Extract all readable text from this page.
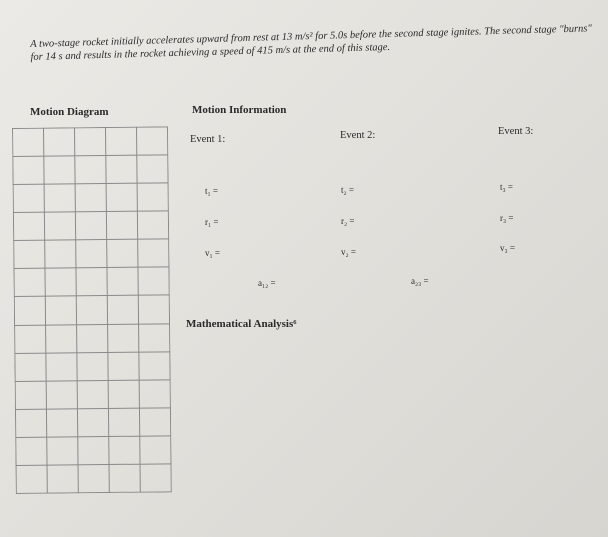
A two-stage rocket initially accelerates upward from rest at 13 m/s² for 5.0s before the second stage ignites. The second stage "burns" for 14 s and results in the rocket achieving a speed of 415 m/s at the end of this stage.
Motion Diagram	Motion Information
Event 1:
t₁ =
r₁ =
v₁ =
Event 2:
t₂ =
r₂ =
v₂ =
Event 3:
t₃ =
r₃ =
v₃ =
a₁₂ =	a₂₃ =
Mathematical Analysis⁶
